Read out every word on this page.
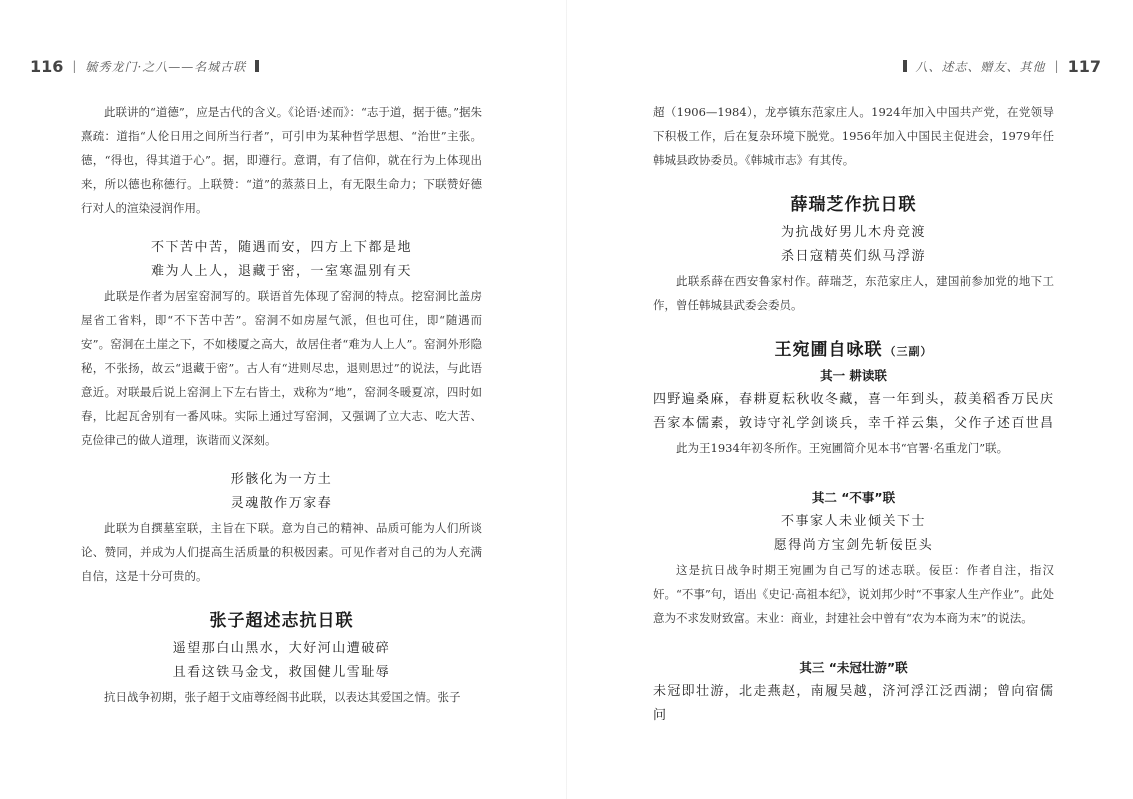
116 | 毓秀龙门·之八——名城古联	八、述志、赠友、其他 | 117

此联讲的“道德”，应是古代的含义。《论语·述而》：“志于道，据于德。”据朱熹疏：道指“人伦日用之间所当行者”，可引申为某种哲学思想、“治世”主张。德，“得也，得其道于心”。据，即遵行。意谓，有了信仰，就在行为上体现出来，所以德也称德行。上联赞：“道”的蒸蒸日上，有无限生命力；下联赞好德行对人的渲染浸润作用。

不下苦中苦，随遇而安，四方上下都是地

难为人上人，退藏于密，一室寒温别有天

此联是作者为居室窑洞写的。联语首先体现了窑洞的特点。挖窑洞比盖房屋省工省料，即“不下苦中苦”。窑洞不如房屋气派，但也可住，即“随遇而安”。窑洞在土崖之下，不如楼厦之高大，故居住者“难为人上人”。窑洞外形隐秘，不张扬，故云“退藏于密”。古人有“进则尽忠，退则思过”的说法，与此语意近。对联最后说上窑洞上下左右皆土，戏称为“地”，窑洞冬暖夏凉，四时如春，比起瓦舍别有一番风味。实际上通过写窑洞，又强调了立大志、吃大苦、克俭律己的做人道理，诙谐而义深刻。

形骸化为一方土

灵魂散作万家春

此联为自撰墓室联，主旨在下联。意为自己的精神、品质可能为人们所谈论、赞同，并成为人们提高生活质量的积极因素。可见作者对自己的为人充满自信，这是十分可贵的。

张子超述志抗日联

遥望那白山黑水，大好河山遭破碎

且看这铁马金戈，救国健儿雪耻辱

抗日战争初期，张子超于文庙尊经阁书此联，以表达其爱国之情。张子

超（1906—1984），龙亭镇东范家庄人。1924年加入中国共产党，在党领导下积极工作，后在复杂环境下脱党。1956年加入中国民主促进会，1979年任韩城县政协委员。《韩城市志》有其传。

薛瑞芝作抗日联

为抗战好男儿木舟竞渡

杀日寇精英们纵马浮游

此联系薛在西安鲁家村作。薛瑞芝，东范家庄人，建国前参加党的地下工作，曾任韩城县武委会委员。

王宛圃自咏联 （三副）
其一 耕读联

四野遍桑麻，春耕夏耘秋收冬藏，喜一年到头，菽美稻香万民庆

吾家本儒素，敦诗守礼学剑谈兵，幸千祥云集，父作子述百世昌

此为王1934年初冬所作。王宛圃简介见本书“官署·名重龙门”联。

其二 “不事”联

不事家人未业倾关下士

愿得尚方宝剑先斩佞臣头

这是抗日战争时期王宛圃为自己写的述志联。佞臣：作者自注，指汉奸。“不事”句，语出《史记·高祖本纪》，说刘邦少时“不事家人生产作业”。此处意为不求发财致富。末业：商业，封建社会中曾有“农为本商为末”的说法。

其三 “未冠壮游”联

未冠即壮游，北走燕赵，南履吴越，济河浮江泛西湖；曾向宿儒问
